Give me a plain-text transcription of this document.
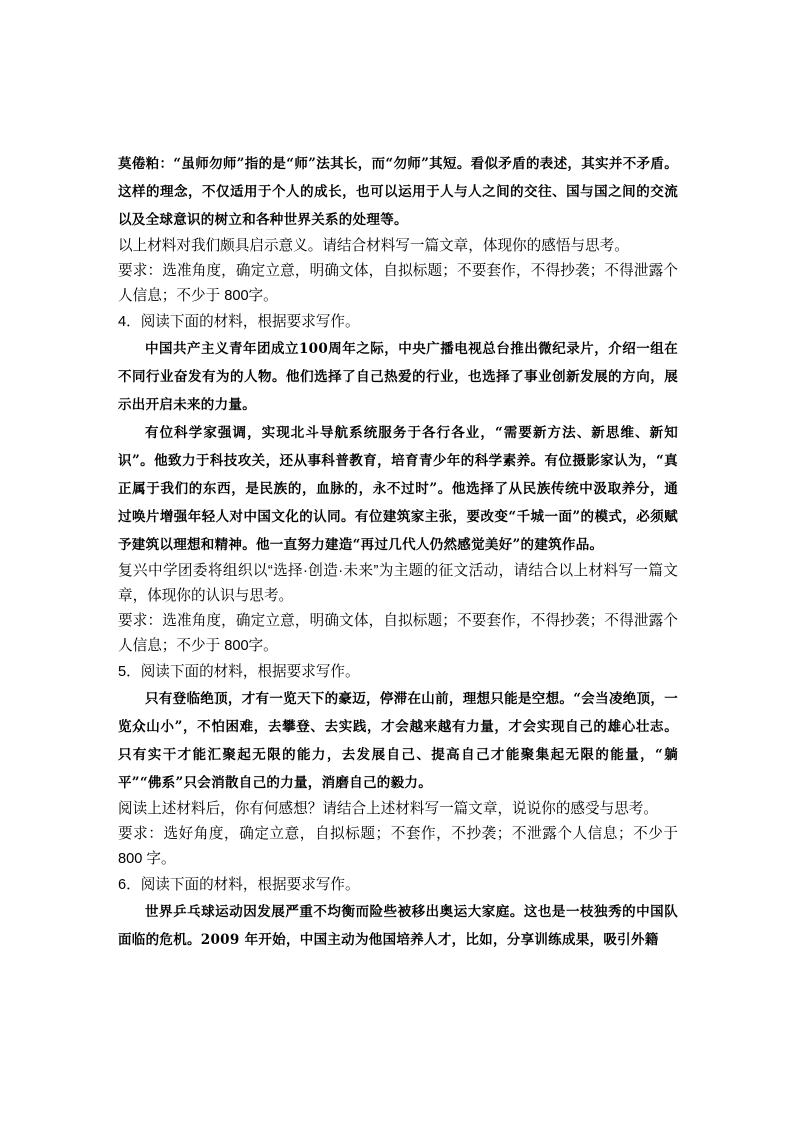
莫倦粕：“虽师勿师”指的是“师”法其长，而“勿师”其短。看似矛盾的表述，其实并不矛盾。这样的理念，不仅适用于个人的成长，也可以运用于人与人之间的交往、国与国之间的交流以及全球意识的树立和各种世界关系的处理等。

以上材料对我们颇具启示意义。请结合材料写一篇文章，体现你的感悟与思考。

要求：选准角度，确定立意，明确文体，自拟标题；不要套作，不得抄袭；不得泄露个人信息；不少于 800字。

4．阅读下面的材料，根据要求写作。

中国共产主义青年团成立100周年之际，中央广播电视总台推出微纪录片，介绍一组在不同行业奋发有为的人物。他们选择了自己热爱的行业，也选择了事业创新发展的方向，展示出开启未来的力量。

有位科学家强调，实现北斗导航系统服务于各行各业，“需要新方法、新思维、新知识”。他致力于科技攻关，还从事科普教育，培育青少年的科学素养。有位摄影家认为，“真正属于我们的东西，是民族的，血脉的，永不过时”。他选择了从民族传统中汲取养分，通过唤片增强年轻人对中国文化的认同。有位建筑家主张，要改变“千城一面”的模式，必须赋予建筑以理想和精神。他一直努力建造“再过几代人仍然感觉美好”的建筑作品。

复兴中学团委将组织以“选择·创造·未来”为主题的征文活动，请结合以上材料写一篇文章，体现你的认识与思考。

要求：选准角度，确定立意，明确文体，自拟标题；不要套作，不得抄袭；不得泄露个人信息；不少于 800字。

5．阅读下面的材料，根据要求写作。

只有登临绝顶，才有一览天下的豪迈，停滞在山前，理想只能是空想。“会当凌绝顶，一览众山小”，不怕困难，去攀登、去实践，才会越来越有力量，才会实现自己的雄心壮志。只有实干才能汇聚起无限的能力，去发展自己、提高自己才能聚集起无限的能量，“躺平”“佛系”只会消散自己的力量，消磨自己的毅力。

阅读上述材料后，你有何感想？请结合上述材料写一篇文章，说说你的感受与思考。

要求：选好角度，确定立意，自拟标题；不套作，不抄袭；不泄露个人信息；不少于 800 字。

6．阅读下面的材料，根据要求写作。

世界乒乓球运动因发展严重不均衡而险些被移出奥运大家庭。这也是一枝独秀的中国队面临的危机。2009 年开始，中国主动为他国培养人才，比如，分享训练成果，吸引外籍
